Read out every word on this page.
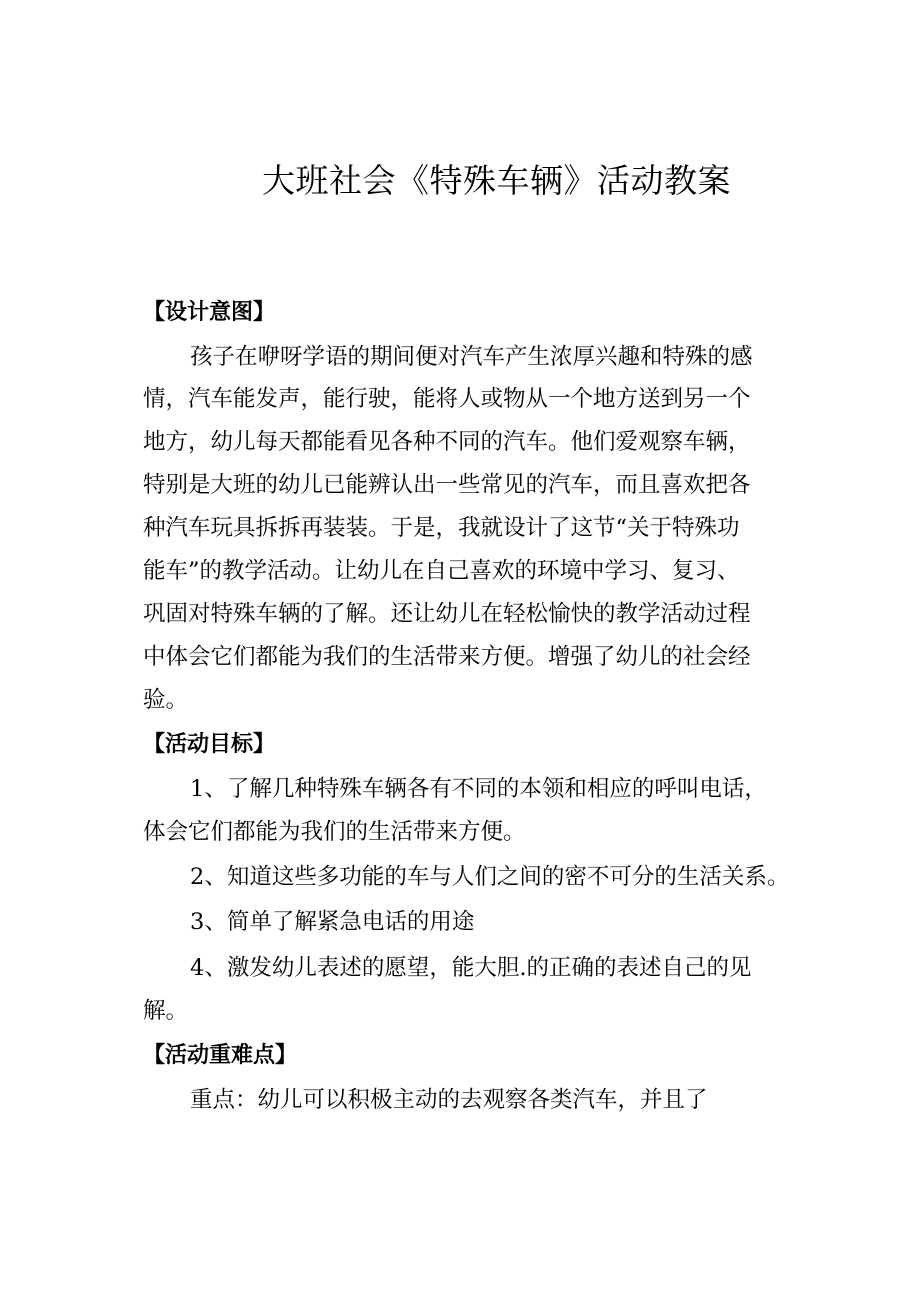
大班社会《特殊车辆》活动教案
【设计意图】
孩子在咿呀学语的期间便对汽车产生浓厚兴趣和特殊的感
情，汽车能发声，能行驶，能将人或物从一个地方送到另一个
地方，幼儿每天都能看见各种不同的汽车。他们爱观察车辆，
特别是大班的幼儿已能辨认出一些常见的汽车，而且喜欢把各
种汽车玩具拆拆再装装。于是，我就设计了这节“关于特殊功
能车”的教学活动。让幼儿在自己喜欢的环境中学习、复习、
巩固对特殊车辆的了解。还让幼儿在轻松愉快的教学活动过程
中体会它们都能为我们的生活带来方便。增强了幼儿的社会经
验。
【活动目标】
1、了解几种特殊车辆各有不同的本领和相应的呼叫电话，
体会它们都能为我们的生活带来方便。
2、知道这些多功能的车与人们之间的密不可分的生活关系。
3、简单了解紧急电话的用途
4、激发幼儿表述的愿望，能大胆.的正确的表述自己的见
解。
【活动重难点】
重点：幼儿可以积极主动的去观察各类汽车，并且了
